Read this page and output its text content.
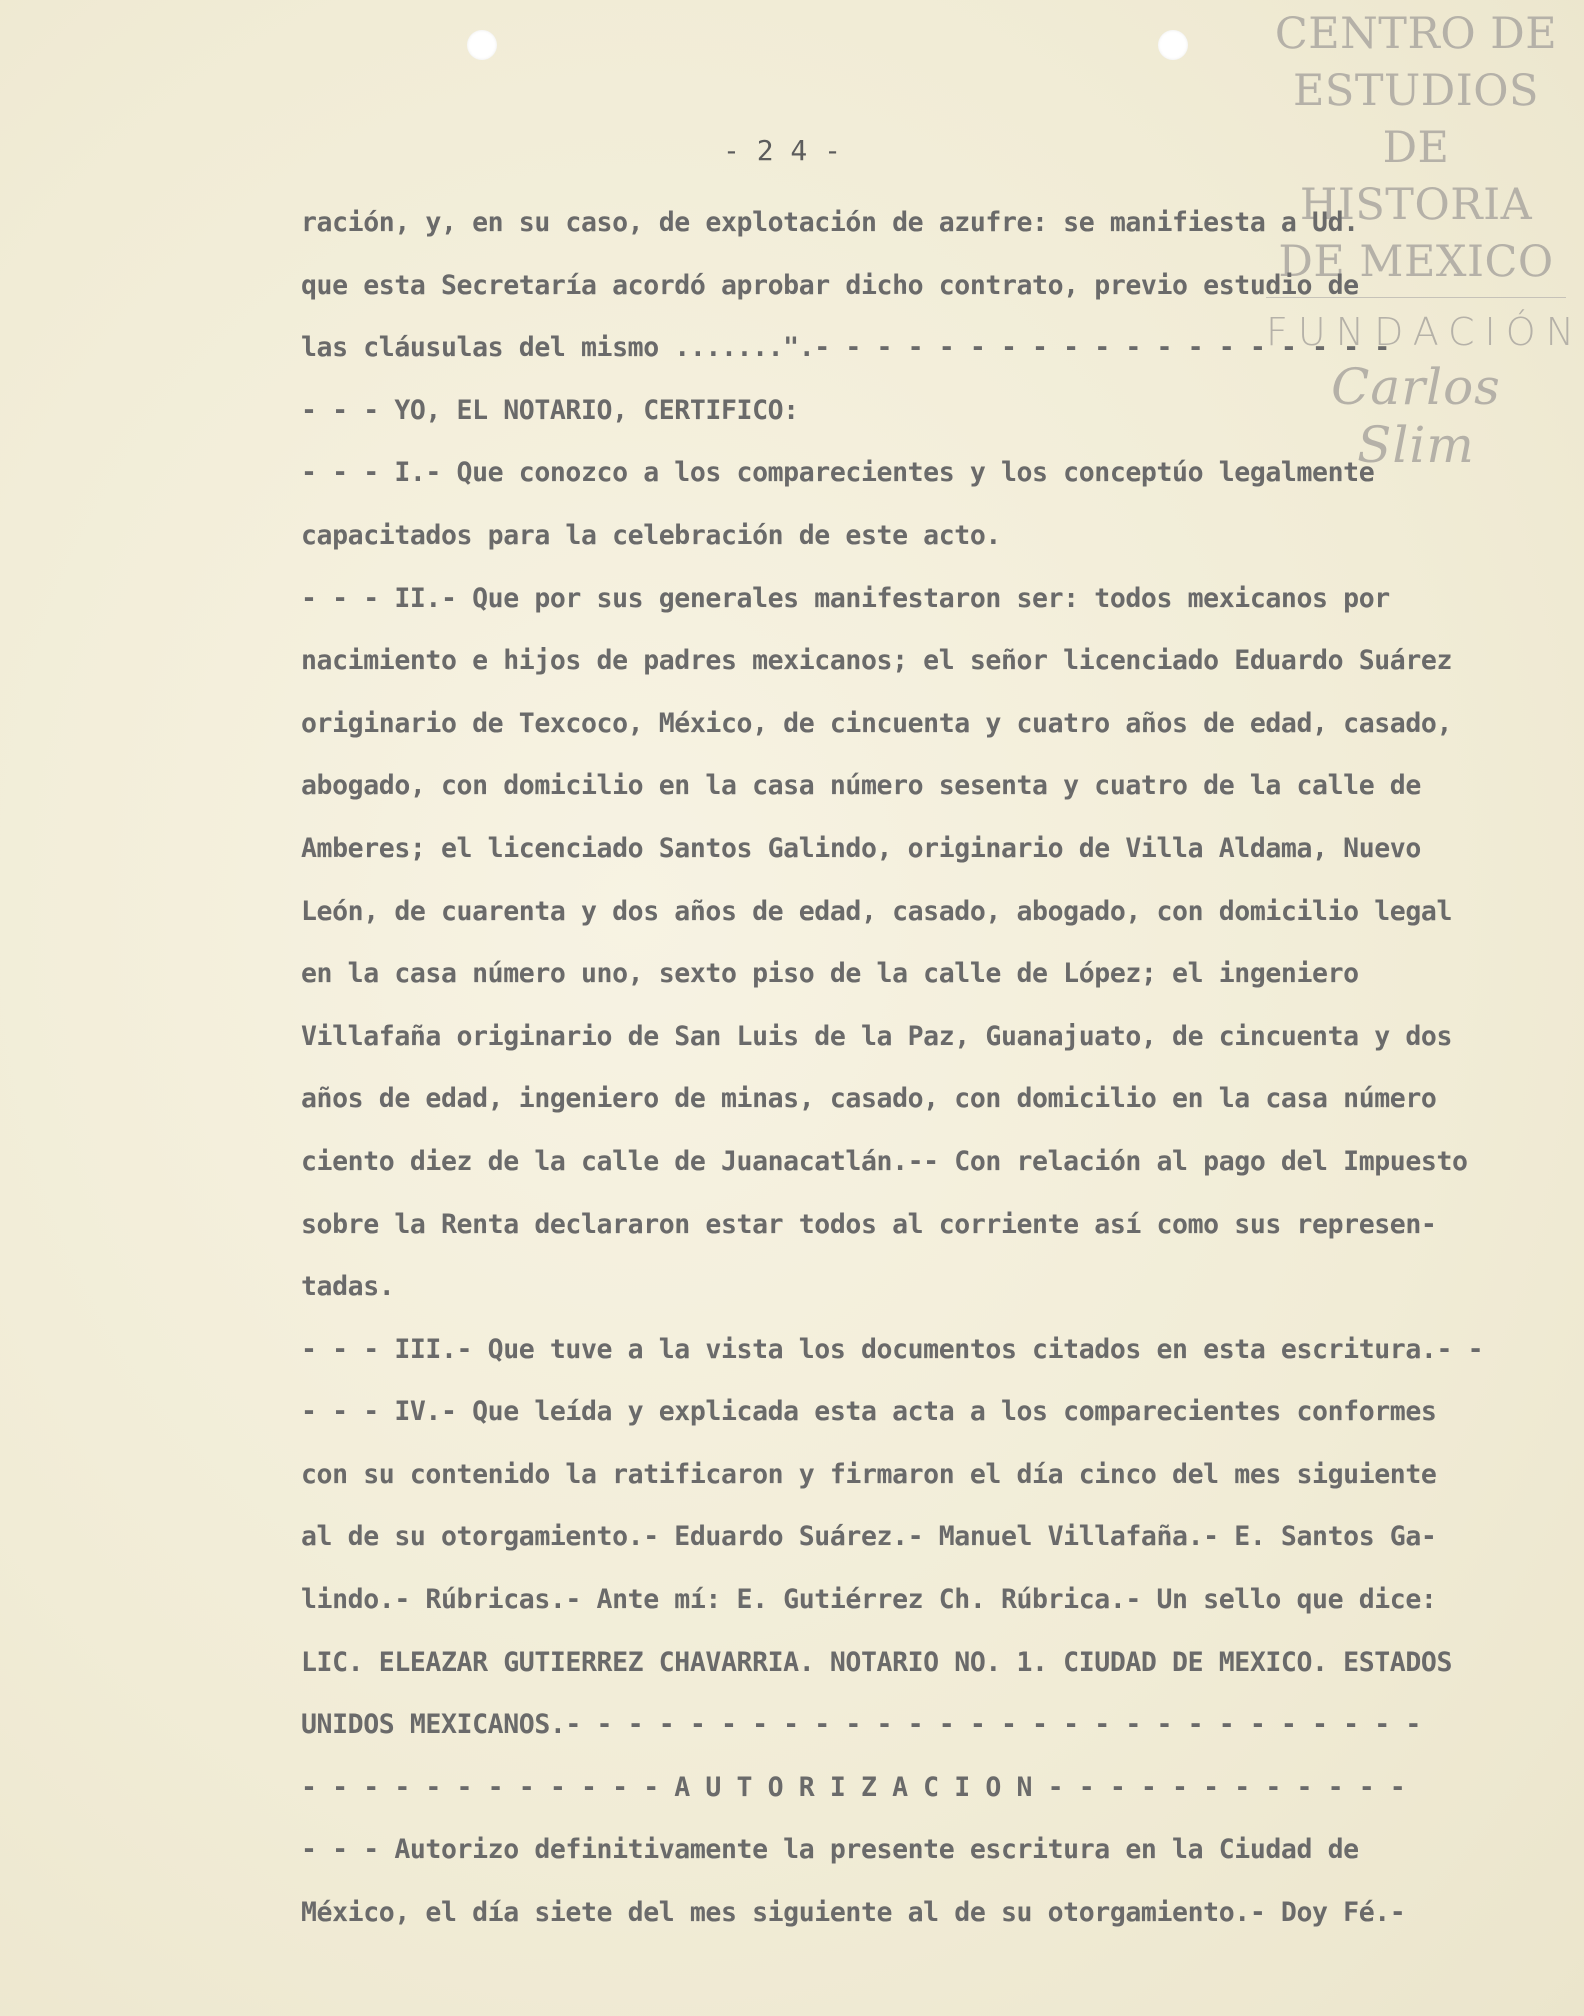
CENTRO DE
ESTUDIOS
DE HISTORIA
DE MEXICO
FUNDACIÓN
Carlos Slim
- 2 4 -
ración, y, en su caso, de explotación de azufre: se manifiesta a Ud.
que esta Secretaría acordó aprobar dicho contrato, previo estudio de
las cláusulas del mismo .......".- - - - - - - - - - - - - - - - - - -
- - - YO, EL NOTARIO, CERTIFICO:
- - - I.- Que conozco a los comparecientes y los conceptúo legalmente
capacitados para la celebración de este acto.
- - - II.- Que por sus generales manifestaron ser: todos mexicanos por
nacimiento e hijos de padres mexicanos; el señor licenciado Eduardo Suárez
originario de Texcoco, México, de cincuenta y cuatro años de edad, casado,
abogado, con domicilio en la casa número sesenta y cuatro de la calle de
Amberes; el licenciado Santos Galindo, originario de Villa Aldama, Nuevo
León, de cuarenta y dos años de edad, casado, abogado, con domicilio legal
en la casa número uno, sexto piso de la calle de López; el ingeniero
Villafaña originario de San Luis de la Paz, Guanajuato, de cincuenta y dos
años de edad, ingeniero de minas, casado, con domicilio en la casa número
ciento diez de la calle de Juanacatlán.-- Con relación al pago del Impuesto
sobre la Renta declararon estar todos al corriente así como sus represen-
tadas.
- - - III.- Que tuve a la vista los documentos citados en esta escritura.- -
- - - IV.- Que leída y explicada esta acta a los comparecientes conformes
con su contenido la ratificaron y firmaron el día cinco del mes siguiente
al de su otorgamiento.- Eduardo Suárez.- Manuel Villafaña.- E. Santos Ga-
lindo.- Rúbricas.- Ante mí: E. Gutiérrez Ch. Rúbrica.- Un sello que dice:
LIC. ELEAZAR GUTIERREZ CHAVARRIA. NOTARIO NO. 1. CIUDAD DE MEXICO. ESTADOS
UNIDOS MEXICANOS.- - - - - - - - - - - - - - - - - - - - - - - - - - - -
- - - - - - - - - - - - A U T O R I Z A C I O N - - - - - - - - - - - -
- - - Autorizo definitivamente la presente escritura en la Ciudad de
México, el día siete del mes siguiente al de su otorgamiento.- Doy Fé.-
